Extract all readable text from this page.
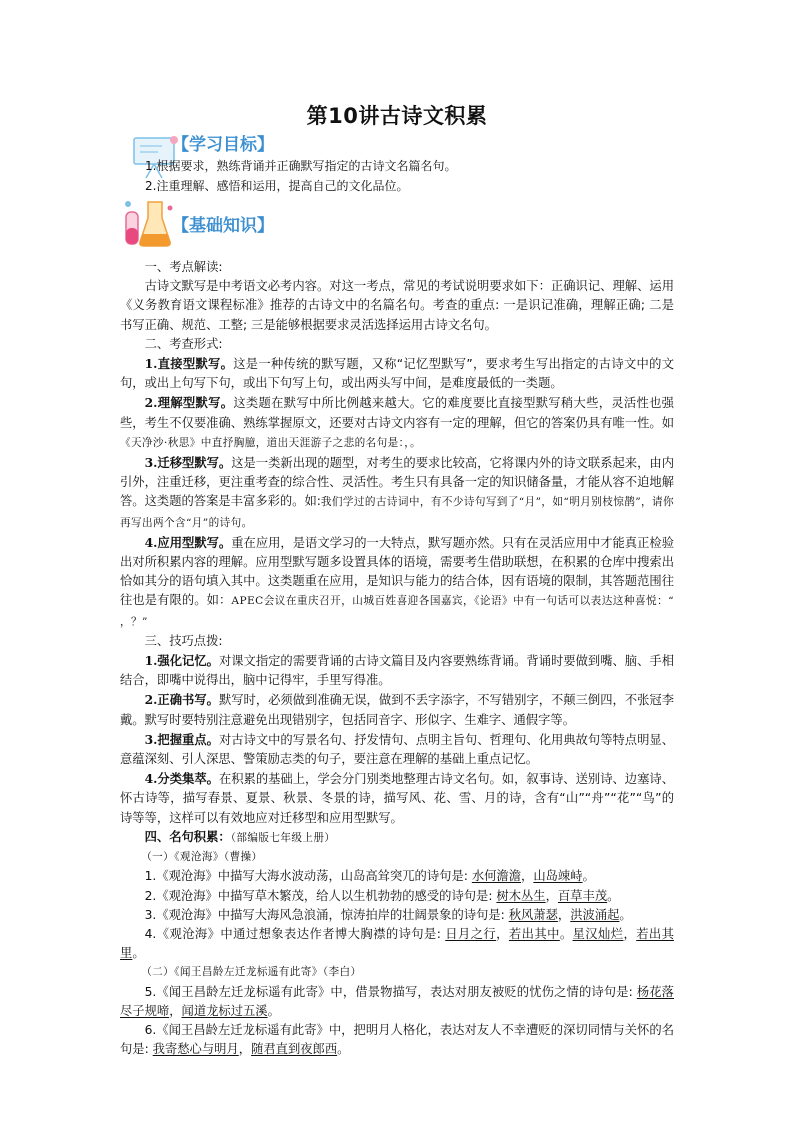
第10讲古诗文积累
【学习目标】
1.根据要求，熟练背诵并正确默写指定的古诗文名篇名句。
2.注重理解、感悟和运用，提高自己的文化品位。
【基础知识】

一、考点解读:

古诗文默写是中考语文必考内容。对这一考点，常见的考试说明要求如下：正确识记、理解、运用《义务教育语文课程标准》推荐的古诗文中的名篇名句。考查的重点: 一是识记准确，理解正确; 二是书写正确、规范、工整; 三是能够根据要求灵活选择运用古诗文名句。

二、考查形式:

1.直接型默写。这是一种传统的默写题，又称“记忆型默写”，要求考生写出指定的古诗文中的文句，或出上句写下句，或出下句写上句，或出两头写中间，是难度最低的一类题。

2.理解型默写。这类题在默写中所比例越来越大。它的难度要比直接型默写稍大些，灵活性也强些，考生不仅要准确、熟练掌握原文，还要对古诗文内容有一定的理解，但它的答案仍具有唯一性。如《天净沙·秋思》中直抒胸臆，道出天涯游子之悲的名句是：，。

3.迁移型默写。这是一类新出现的题型，对考生的要求比较高，它将课内外的诗文联系起来，由内引外，注重迁移，更注重考查的综合性、灵活性。考生只有具备一定的知识储备量，才能从容不迫地解答。这类题的答案是丰富多彩的。如:我们学过的古诗词中，有不少诗句写到了“月”，如“明月别枝惊鹊”，请你再写出两个含“月”的诗句。

4.应用型默写。重在应用，是语文学习的一大特点，默写题亦然。只有在灵活应用中才能真正检验出对所积累内容的理解。应用型默写题多设置具体的语境，需要考生借助联想，在积累的仓库中搜索出恰如其分的语句填入其中。这类题重在应用，是知识与能力的结合体，因有语境的限制，其答题范围往往也是有限的。如：APEC会议在重庆召开，山城百姓喜迎各国嘉宾，《论语》中有一句话可以表达这种喜悦：“ ，？”

三、技巧点拨:

1.强化记忆。对课文指定的需要背诵的古诗文篇目及内容要熟练背诵。背诵时要做到嘴、脑、手相结合，即嘴中说得出，脑中记得牢，手里写得准。

2.正确书写。默写时，必须做到准确无误，做到不丢字添字，不写错别字，不颠三倒四，不张冠李戴。默写时要特别注意避免出现错别字，包括同音字、形似字、生难字、通假字等。

3.把握重点。对古诗文中的写景名句、抒发情句、点明主旨句、哲理句、化用典故句等特点明显、意蕴深刻、引人深思、警策励志类的句子，要注意在理解的基础上重点记忆。

4.分类集萃。在积累的基础上，学会分门别类地整理古诗文名句。如，叙事诗、送别诗、边塞诗、怀古诗等，描写春景、夏景、秋景、冬景的诗，描写风、花、雪、月的诗，含有“山”“舟”“花”“鸟”的诗等等，这样可以有效地应对迁移型和应用型默写。

四、名句积累：（部编版七年级上册）

（一）《观沧海》（曹操）

1.《观沧海》中描写大海水波动荡，山岛高耸突兀的诗句是: 水何澹澹，山岛竦峙。

2.《观沧海》中描写草木繁茂，给人以生机勃勃的感受的诗句是: 树木丛生，百草丰茂。

3.《观沧海》中描写大海风急浪涌，惊涛拍岸的壮阔景象的诗句是: 秋风萧瑟，洪波涌起。

4.《观沧海》中通过想象表达作者博大胸襟的诗句是: 日月之行，若出其中。星汉灿烂，若出其里。

（二）《闻王昌龄左迁龙标遥有此寄》（李白）

5.《闻王昌龄左迁龙标遥有此寄》中，借景物描写，表达对朋友被贬的忧伤之情的诗句是: 杨花落尽子规啼，闻道龙标过五溪。

6.《闻王昌龄左迁龙标遥有此寄》中，把明月人格化，表达对友人不幸遭贬的深切同情与关怀的名句是: 我寄愁心与明月，随君直到夜郎西。
